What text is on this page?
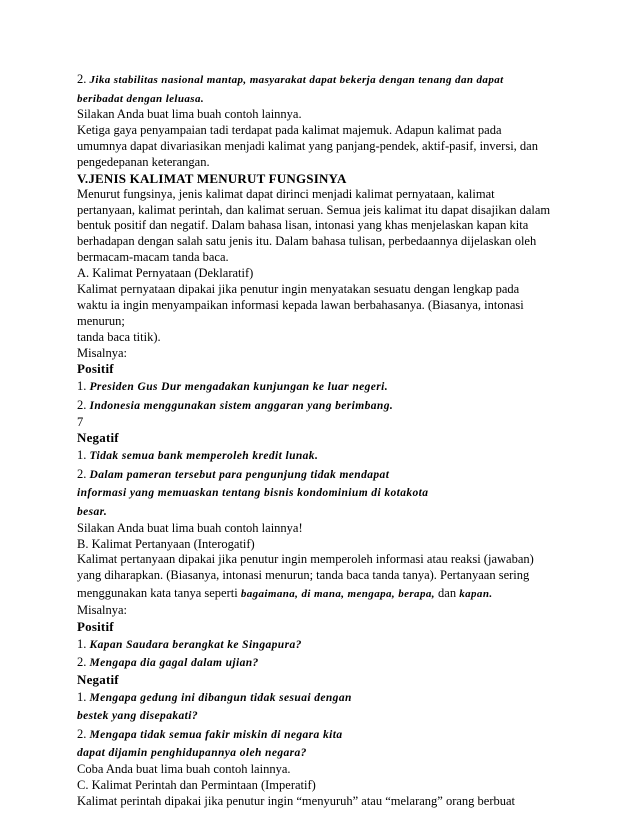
2. Jika stabilitas nasional mantap, masyarakat dapat bekerja dengan tenang dan dapat
beribadat dengan leluasa.
Silakan Anda buat lima buah contoh lainnya.
Ketiga gaya penyampaian tadi terdapat pada kalimat majemuk. Adapun kalimat pada
umumnya dapat divariasikan menjadi kalimat yang panjang-pendek, aktif-pasif, inversi, dan
pengedepanan keterangan.
V.JENIS KALIMAT MENURUT FUNGSINYA
Menurut fungsinya, jenis kalimat dapat dirinci menjadi kalimat pernyataan, kalimat
pertanyaan, kalimat perintah, dan kalimat seruan. Semua jeis kalimat itu dapat disajikan dalam
bentuk positif dan negatif. Dalam bahasa lisan, intonasi yang khas menjelaskan kapan kita
berhadapan dengan salah satu jenis itu. Dalam bahasa tulisan, perbedaannya dijelaskan oleh
bermacam-macam tanda baca.
A. Kalimat Pernyataan (Deklaratif)
Kalimat pernyataan dipakai jika penutur ingin menyatakan sesuatu dengan lengkap pada
waktu ia ingin menyampaikan informasi kepada lawan berbahasanya. (Biasanya, intonasi
menurun;
tanda baca titik).
Misalnya:
Positif
1. Presiden Gus Dur mengadakan kunjungan ke luar negeri.
2. Indonesia menggunakan sistem anggaran yang berimbang.
7
Negatif
1. Tidak semua bank memperoleh kredit lunak.
2. Dalam pameran tersebut para pengunjung tidak mendapat
informasi yang memuaskan tentang bisnis kondominium di kotakota
besar.
Silakan Anda buat lima buah contoh lainnya!
B. Kalimat Pertanyaan (Interogatif)
Kalimat pertanyaan dipakai jika penutur ingin memperoleh informasi atau reaksi (jawaban)
yang diharapkan. (Biasanya, intonasi menurun; tanda baca tanda tanya). Pertanyaan sering
menggunakan kata tanya seperti bagaimana, di mana, mengapa, berapa, dan kapan.
Misalnya:
Positif
1. Kapan Saudara berangkat ke Singapura?
2. Mengapa dia gagal dalam ujian?
Negatif
1. Mengapa gedung ini dibangun tidak sesuai dengan
bestek yang disepakati?
2. Mengapa tidak semua fakir miskin di negara kita
dapat dijamin penghidupannya oleh negara?
Coba Anda buat lima buah contoh lainnya.
C. Kalimat Perintah dan Permintaan (Imperatif)
Kalimat perintah dipakai jika penutur ingin “menyuruh” atau “melarang” orang berbuat
